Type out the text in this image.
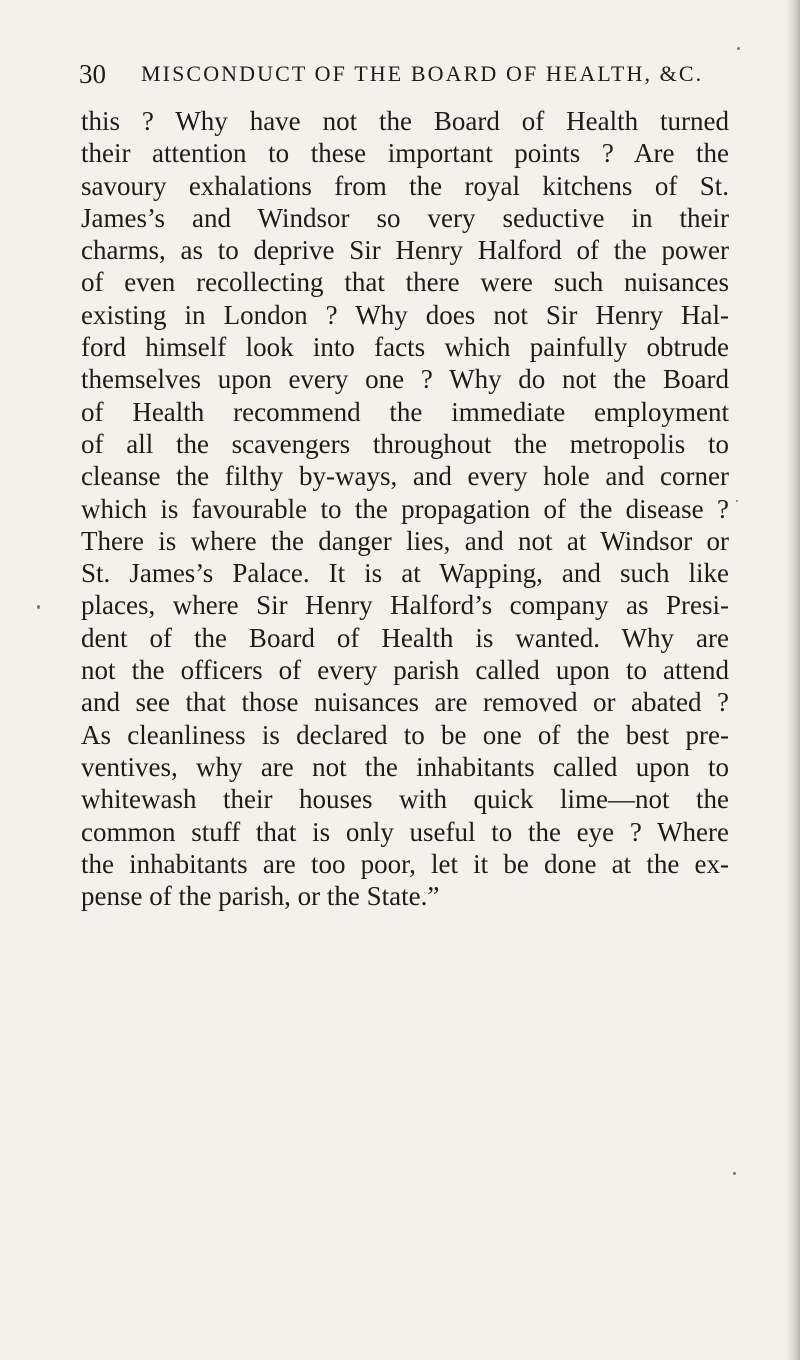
30 MISCONDUCT OF THE BOARD OF HEALTH, &C.
this ? Why have not the Board of Health turned
their attention to these important points ? Are the
savoury exhalations from the royal kitchens of St.
James’s and Windsor so very seductive in their
charms, as to deprive Sir Henry Halford of the power
of even recollecting that there were such nuisances
existing in London ? Why does not Sir Henry Hal-
ford himself look into facts which painfully obtrude
themselves upon every one ? Why do not the Board
of Health recommend the immediate employment
of all the scavengers throughout the metropolis to
cleanse the filthy by-ways, and every hole and corner
which is favourable to the propagation of the disease ?
There is where the danger lies, and not at Windsor or
St. James’s Palace. It is at Wapping, and such like
places, where Sir Henry Halford’s company as Presi-
dent of the Board of Health is wanted. Why are
not the officers of every parish called upon to attend
and see that those nuisances are removed or abated ?
As cleanliness is declared to be one of the best pre-
ventives, why are not the inhabitants called upon to
whitewash their houses with quick lime—not the
common stuff that is only useful to the eye ? Where
the inhabitants are too poor, let it be done at the ex-
pense of the parish, or the State.”
